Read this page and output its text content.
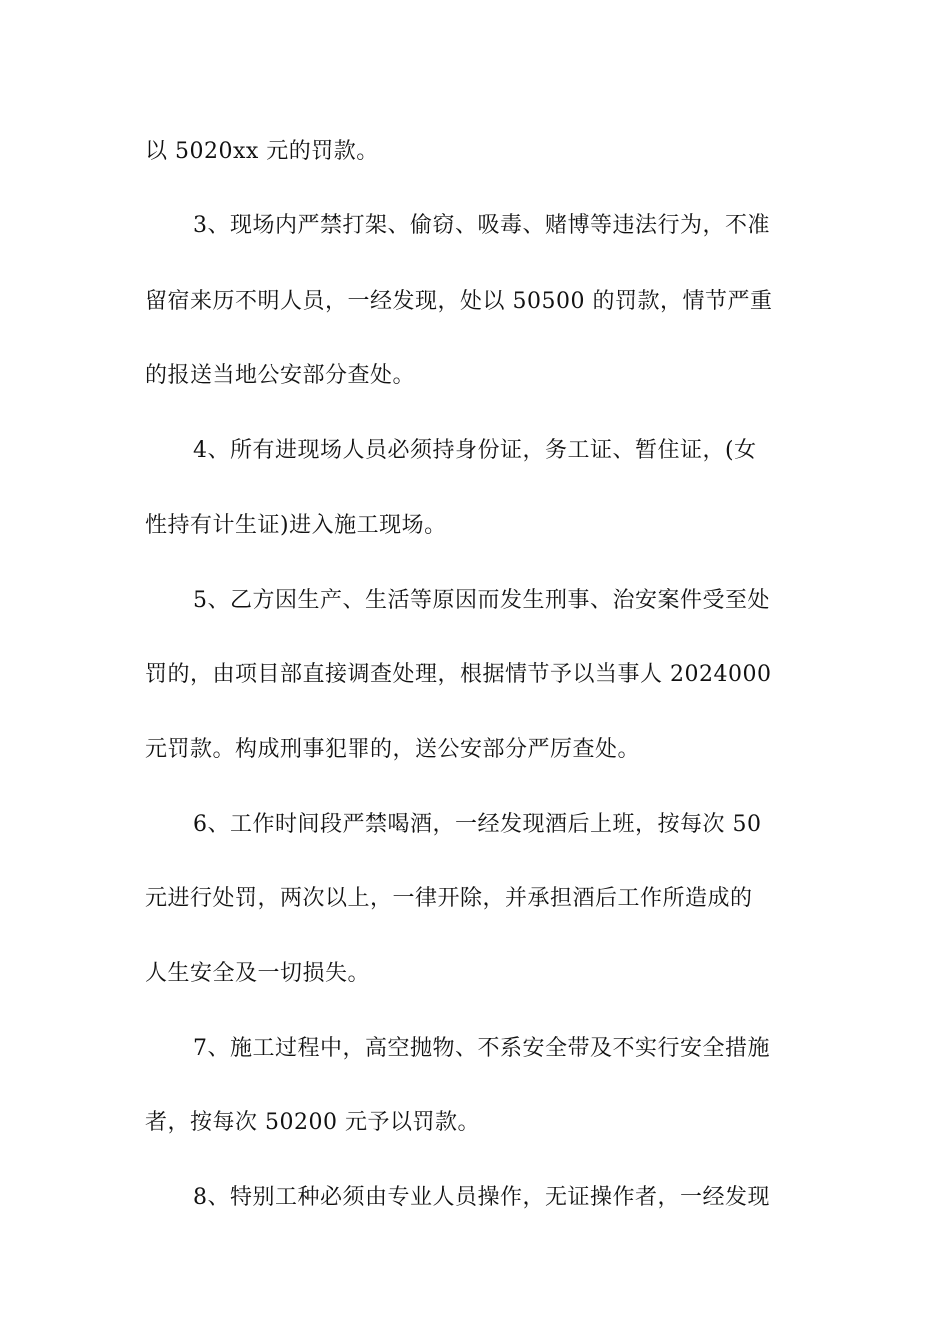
以 5020xx 元的罚款。
3、现场内严禁打架、偷窃、吸毒、赌博等违法行为，不准
留宿来历不明人员，一经发现，处以 50500 的罚款，情节严重
的报送当地公安部分查处。
4、所有进现场人员必须持身份证，务工证、暂住证，(女
性持有计生证)进入施工现场。
5、乙方因生产、生活等原因而发生刑事、治安案件受至处
罚的，由项目部直接调查处理，根据情节予以当事人 2024000
元罚款。构成刑事犯罪的，送公安部分严厉查处。
6、工作时间段严禁喝酒，一经发现酒后上班，按每次 50
元进行处罚，两次以上，一律开除，并承担酒后工作所造成的
人生安全及一切损失。
7、施工过程中，高空抛物、不系安全带及不实行安全措施
者，按每次 50200 元予以罚款。
8、特别工种必须由专业人员操作，无证操作者，一经发现
